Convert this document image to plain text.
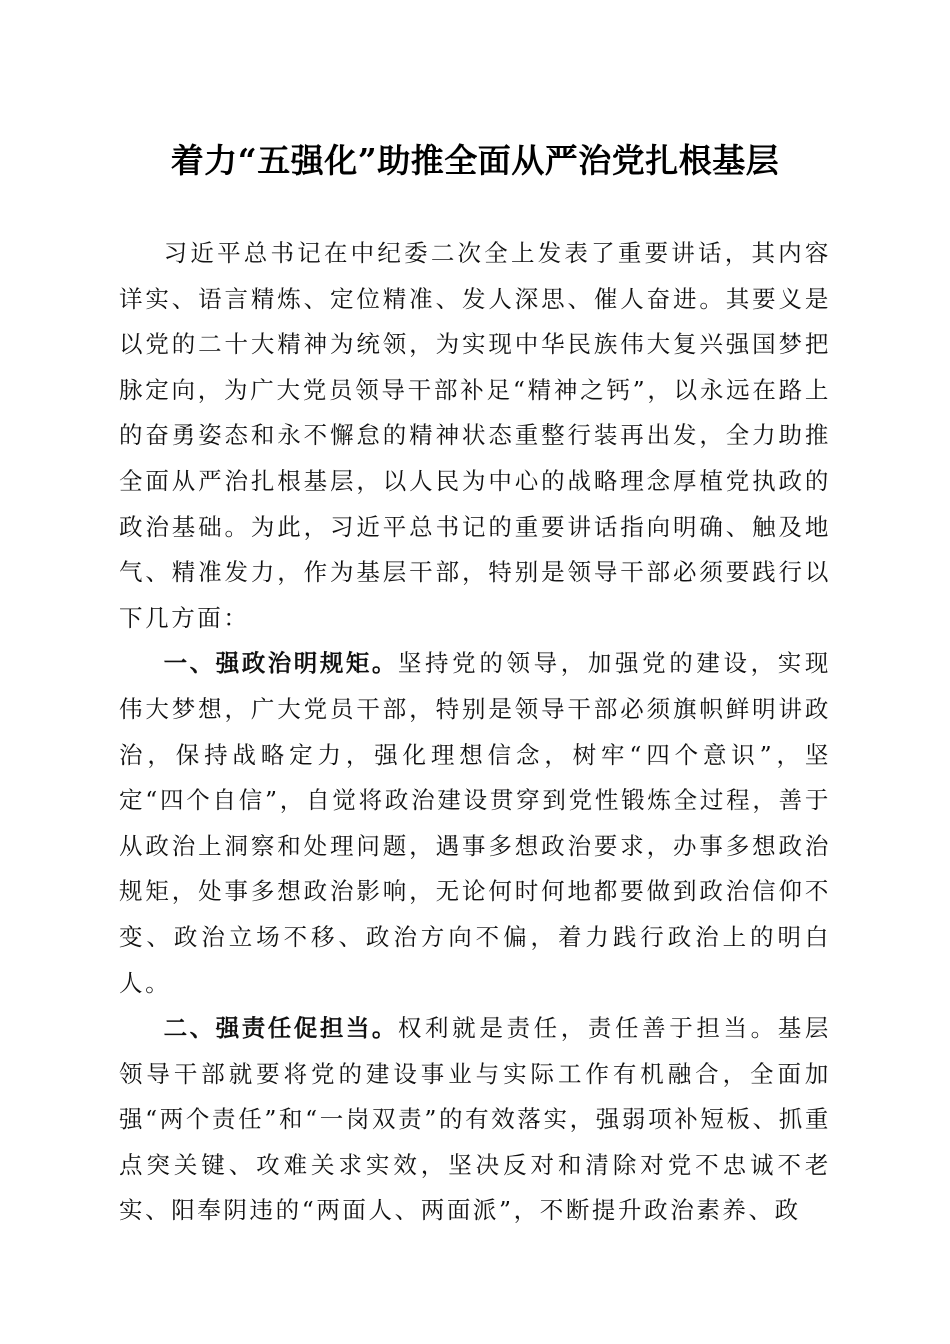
着力“五强化”助推全面从严治党扎根基层

习近平总书记在中纪委二次全上发表了重要讲话，其内容详实、语言精炼、定位精准、发人深思、催人奋进。其要义是以党的二十大精神为统领，为实现中华民族伟大复兴强国梦把脉定向，为广大党员领导干部补足“精神之钙”，以永远在路上的奋勇姿态和永不懈怠的精神状态重整行装再出发，全力助推全面从严治扎根基层，以人民为中心的战略理念厚植党执政的政治基础。为此，习近平总书记的重要讲话指向明确、触及地气、精准发力，作为基层干部，特别是领导干部必须要践行以下几方面：

一、强政治明规矩。坚持党的领导，加强党的建设，实现伟大梦想，广大党员干部，特别是领导干部必须旗帜鲜明讲政治，保持战略定力，强化理想信念，树牢“四个意识”，坚定“四个自信”，自觉将政治建设贯穿到党性锻炼全过程，善于从政治上洞察和处理问题，遇事多想政治要求，办事多想政治规矩，处事多想政治影响，无论何时何地都要做到政治信仰不变、政治立场不移、政治方向不偏，着力践行政治上的明白人。

二、强责任促担当。权利就是责任，责任善于担当。基层领导干部就要将党的建设事业与实际工作有机融合，全面加强“两个责任”和“一岗双责”的有效落实，强弱项补短板、抓重点突关键、攻难关求实效，坚决反对和清除对党不忠诚不老实、阳奉阴违的“两面人、两面派”，不断提升政治素养、政
